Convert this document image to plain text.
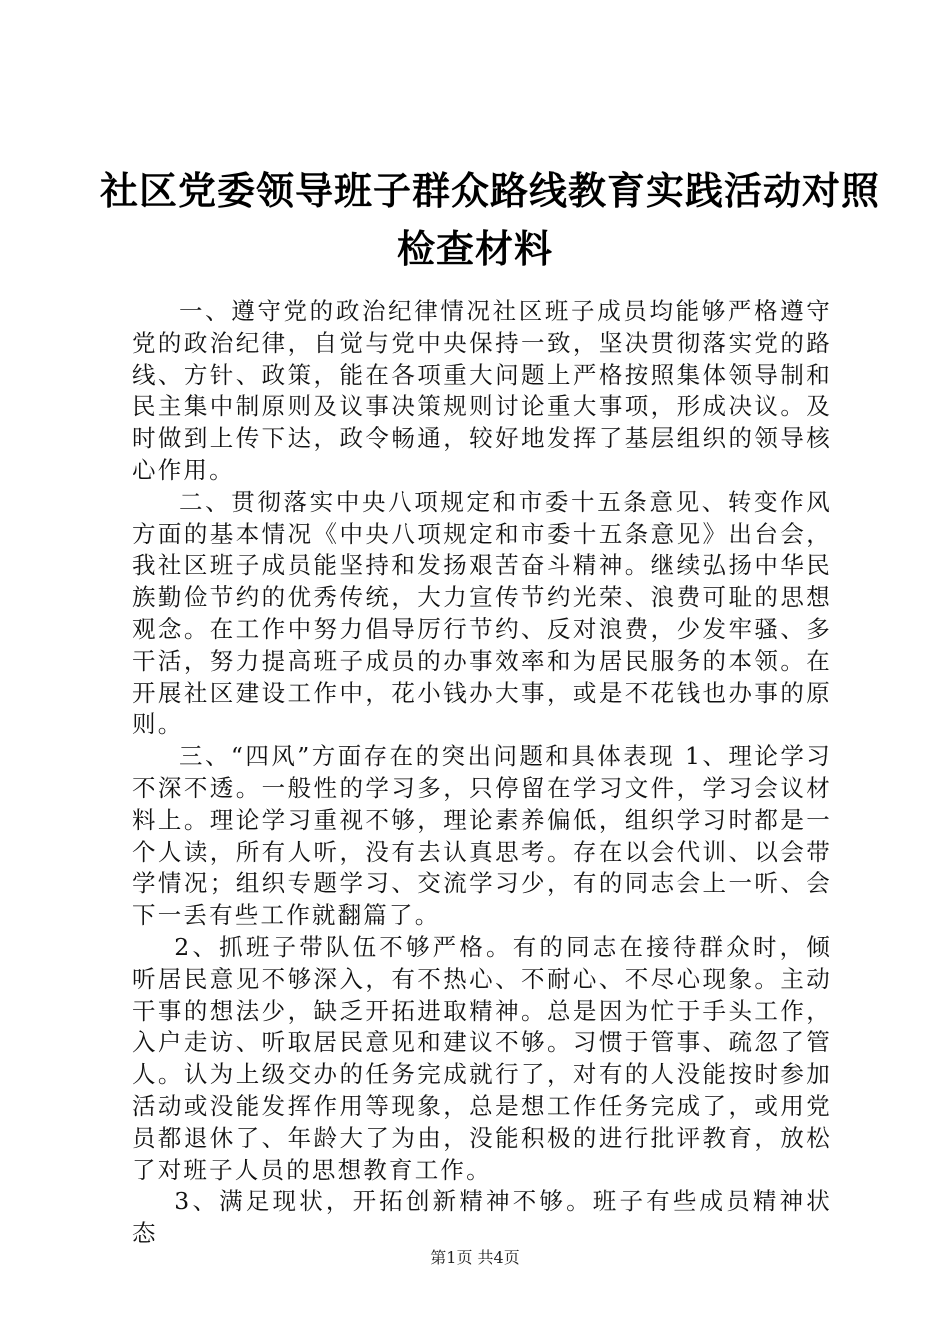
社区党委领导班子群众路线教育实践活动对照
检查材料

一、遵守党的政治纪律情况社区班子成员均能够严格遵守党的政治纪律，自觉与党中央保持一致，坚决贯彻落实党的路线、方针、政策，能在各项重大问题上严格按照集体领导制和民主集中制原则及议事决策规则讨论重大事项，形成决议。及时做到上传下达，政令畅通，较好地发挥了基层组织的领导核心作用。

二、贯彻落实中央八项规定和市委十五条意见、转变作风方面的基本情况《中央八项规定和市委十五条意见》出台会，我社区班子成员能坚持和发扬艰苦奋斗精神。继续弘扬中华民族勤俭节约的优秀传统，大力宣传节约光荣、浪费可耻的思想观念。在工作中努力倡导厉行节约、反对浪费，少发牢骚、多干活，努力提高班子成员的办事效率和为居民服务的本领。在开展社区建设工作中，花小钱办大事，或是不花钱也办事的原则。

三、“四风”方面存在的突出问题和具体表现 1、理论学习不深不透。一般性的学习多，只停留在学习文件，学习会议材料上。理论学习重视不够，理论素养偏低，组织学习时都是一个人读，所有人听，没有去认真思考。存在以会代训、以会带学情况；组织专题学习、交流学习少，有的同志会上一听、会下一丢有些工作就翻篇了。

2、抓班子带队伍不够严格。有的同志在接待群众时，倾听居民意见不够深入，有不热心、不耐心、不尽心现象。主动干事的想法少，缺乏开拓进取精神。总是因为忙于手头工作，入户走访、听取居民意见和建议不够。习惯于管事、疏忽了管人。认为上级交办的任务完成就行了，对有的人没能按时参加活动或没能发挥作用等现象，总是想工作任务完成了，或用党员都退休了、年龄大了为由，没能积极的进行批评教育，放松了对班子人员的思想教育工作。

3、满足现状，开拓创新精神不够。班子有些成员精神状态

第1页 共4页
